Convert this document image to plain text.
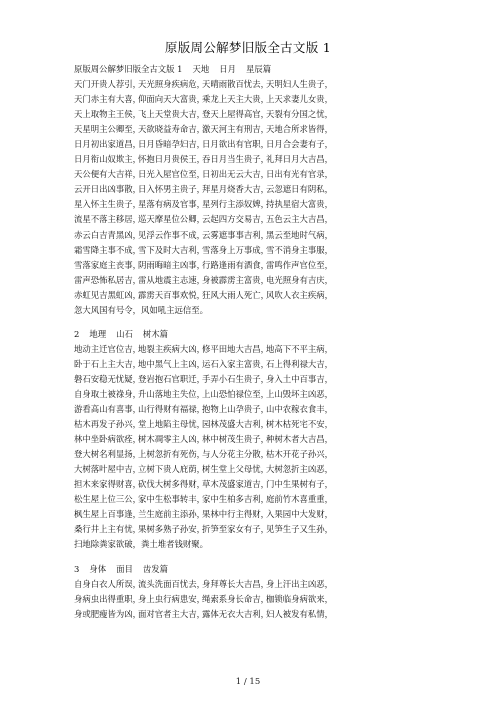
原版周公解梦旧版全古文版 1
原版周公解梦旧版全古文版 1 天地 日月 星辰篇
天门开贵人荐引，
天光照身疾病危，
天晴雨散百忧去，
天明妇人生贵子，
天门赤主有大喜，
仰面向天大富贵，
乘龙上天主大贵，
上天求妻儿女贵，
天上取物主王侯，
飞上天堂贵大吉，
登天上屋得高官，
天裂有分国之忧，
天星明主公卿至，
天欲晓益寿命吉，
激天河主有刑吉，
天地合所求皆得，
日月初出家道昌，
日月昏暗孕妇吉，
日月欲出有官职，
日月合会妻有子，
日月衔山奴欺主，
怀抱日月贵侯王，
吞日月当生贵子，
礼拜日月大吉昌，
天公便有大吉祥，
日光入屋官位至，
日初出无云大吉，
日出有光有官录，
云开日出凶事散，
日入怀男主贵子，
拜星月烧香大吉，
云忽遮日有阴私，
星入怀主生贵子，
星落有病及官事，
星列行主添奴婢，
持执星宿大富贵，
流星不落主移居，
巡天摩星位公卿，
云起四方交易吉，
五色云主大吉昌，
赤云白吉青黑凶，
见浮云作事不成，
云雾遮事事吉利，
黑云至地时气病，
霜雪降主事不成，
雪下及时大吉利，
雪落身上万事成，
雪不消身主事服，
雪落家庭主丧事，
阴雨晦暗主凶事，
行路逢雨有酒食，
雷鸣作声官位至，
雷声恐怖私居吉，
雷从地震主志速，
身被霹雳主富贵，
电光照身有吉庆，
赤虹见吉黑虹凶，
霹雳天百事欢悦，
狂风大雨人死亡，
风吹人衣主疾病，
忽大风国有号令，风如吼主远信至。
2 地理 山石 树木篇
地动主迁官位吉，
地裂主疾病大凶，
修平田地大吉昌，
地高下不平主病，
卧于石上主大吉，
地中黑气上主凶，
运石入家主富贵，
石上得利禄大吉，
磐石安稳无忧疑，
登岩抱石官职迁，
手弄小石生贵子，
身入土中百事吉，
自身取土被祿身，
升山落地主失位，
上山恐怕禄位至，
上山毁坏主凶恶，
游看高山有喜事，
山行得财有福禄，
抱物上山孕贵子，
山中农稼衣食丰，
枯木再发子孙兴，
堂上地陷主母忧，
园林茂盛大吉利，
树木枯死宅不安，
林中坐卧病欲痊，
树木凋零主人凶，
林中树茂生贵子，
种树木者大吉昌，
登大树名利显扬，
上树忽折有死伤，
与人分花主分散，
枯木开花子孙兴，
大树落叶屋中吉，
立树下贵人庇荫，
树生堂上父母忧，
大树忽折主凶恶，
担木来家得财喜，
砍伐大树多得财，
草木茂盛家道吉，
门中生果树有子，
松生屋上位三公，
家中生松事转丰，
家中生柏多吉利，
庭前竹木喜重重，
枫生屋上百事逢，
兰生庭前主添孙，
果林中行主得财，
入果园中大发财，
桑行井上主有忧，
果树多熟子孙安，
折笋至家女有子，
见笋生子又生孙，
扫地除粪家欲破，粪土堆者钱财聚。
3 身体 面目 齿发篇
自身白衣人所误，
流头洗面百忧去，
身拜尊长大吉昌，
身上汗出主凶恶，
身病虫出得重职，
身上虫行病患安，
绳索系身长命吉，
枷锁临身病欲来，
身或肥瘦皆为凶，
面对官者主大吉，
露体无衣大吉利，
妇人被发有私情，
1 / 15
